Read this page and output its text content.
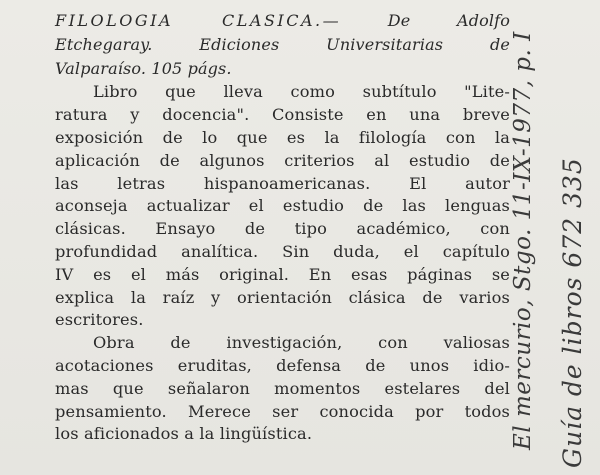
FILOLOGIA CLASICA.—	De Adolfo
Etchegaray. Ediciones Universitarias de
Valparaíso. 105 págs.
Libro que lleva como subtítulo "Lite-
ratura y docencia". Consiste en una breve
exposición de lo que es la filología con la
aplicación de algunos criterios al estudio de
las letras hispanoamericanas. El autor
aconseja actualizar el estudio de las lenguas
clásicas. Ensayo de tipo académico, con
profundidad analítica. Sin duda, el capítulo
IV es el más original. En esas páginas se
explica la raíz y orientación clásica de varios
escritores.
Obra de investigación, con valiosas
acotaciones eruditas, defensa de unos idio-
mas que señalaron momentos estelares del
pensamiento. Merece ser conocida por todos
los aficionados a la lingüística.	El mercurio, Stgo. 11-IX-1977, p. I Guía de libros 672 335
